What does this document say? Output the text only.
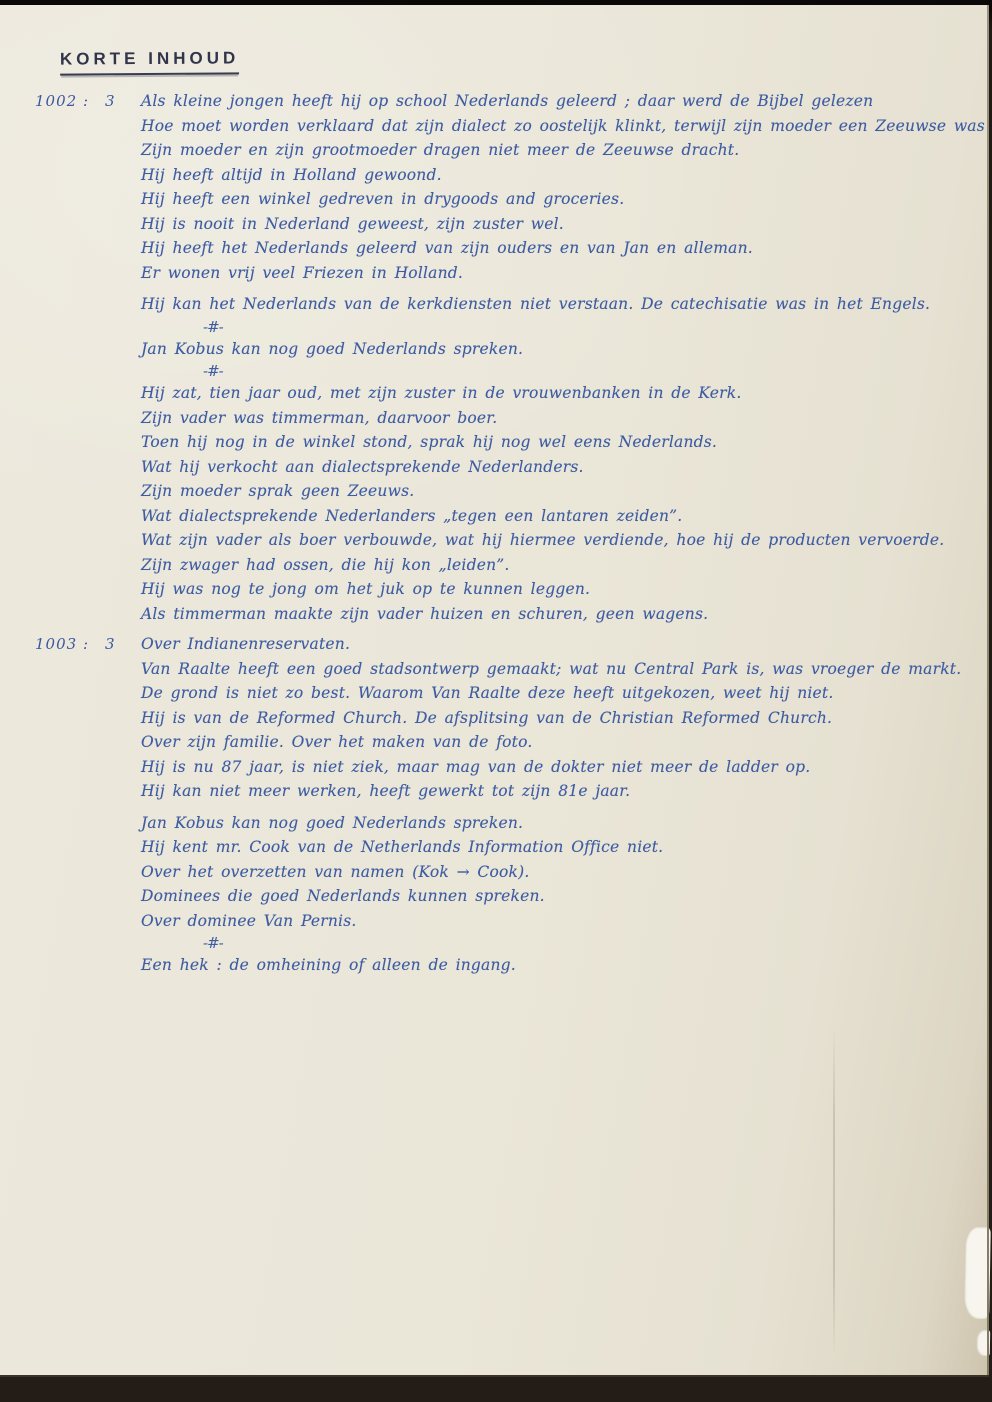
KORTE INHOUD
1002 :	3	Als kleine jongen heeft hij op school Nederlands geleerd ; daar werd de Bijbel gelezen
Hoe moet worden verklaard dat zijn dialect zo oostelijk klinkt, terwijl zijn moeder een Zeeuwse was
Zijn moeder en zijn grootmoeder dragen niet meer de Zeeuwse dracht.
Hij heeft altijd in Holland gewoond.
Hij heeft een winkel gedreven in drygoods and groceries.
Hij is nooit in Nederland geweest, zijn zuster wel.
Hij heeft het Nederlands geleerd van zijn ouders en van Jan en alleman.
Er wonen vrij veel Friezen in Holland.
Hij kan het Nederlands van de kerkdiensten niet verstaan. De catechisatie was in het Engels.
-#-
Jan Kobus kan nog goed Nederlands spreken.
-#-
Hij zat, tien jaar oud, met zijn zuster in de vrouwenbanken in de Kerk.
Zijn vader was timmerman, daarvoor boer.
Toen hij nog in de winkel stond, sprak hij nog wel eens Nederlands.
Wat hij verkocht aan dialectsprekende Nederlanders.
Zijn moeder sprak geen Zeeuws.
Wat dialectsprekende Nederlanders „tegen een lantaren zeiden”.
Wat zijn vader als boer verbouwde, wat hij hiermee verdiende, hoe hij de producten vervoerde.
Zijn zwager had ossen, die hij kon „leiden”.
Hij was nog te jong om het juk op te kunnen leggen.
Als timmerman maakte zijn vader huizen en schuren, geen wagens.
1003 :	3	Over Indianenreservaten.
Van Raalte heeft een goed stadsontwerp gemaakt; wat nu Central Park is, was vroeger de markt.
De grond is niet zo best. Waarom Van Raalte deze heeft uitgekozen, weet hij niet.
Hij is van de Reformed Church. De afsplitsing van de Christian Reformed Church.
Over zijn familie. Over het maken van de foto.
Hij is nu 87 jaar, is niet ziek, maar mag van de dokter niet meer de ladder op.
Hij kan niet meer werken, heeft gewerkt tot zijn 81e jaar.
Jan Kobus kan nog goed Nederlands spreken.
Hij kent mr. Cook van de Netherlands Information Office niet.
Over het overzetten van namen (Kok → Cook).
Dominees die goed Nederlands kunnen spreken.
Over dominee Van Pernis.
-#-
Een hek : de omheining of alleen de ingang.
